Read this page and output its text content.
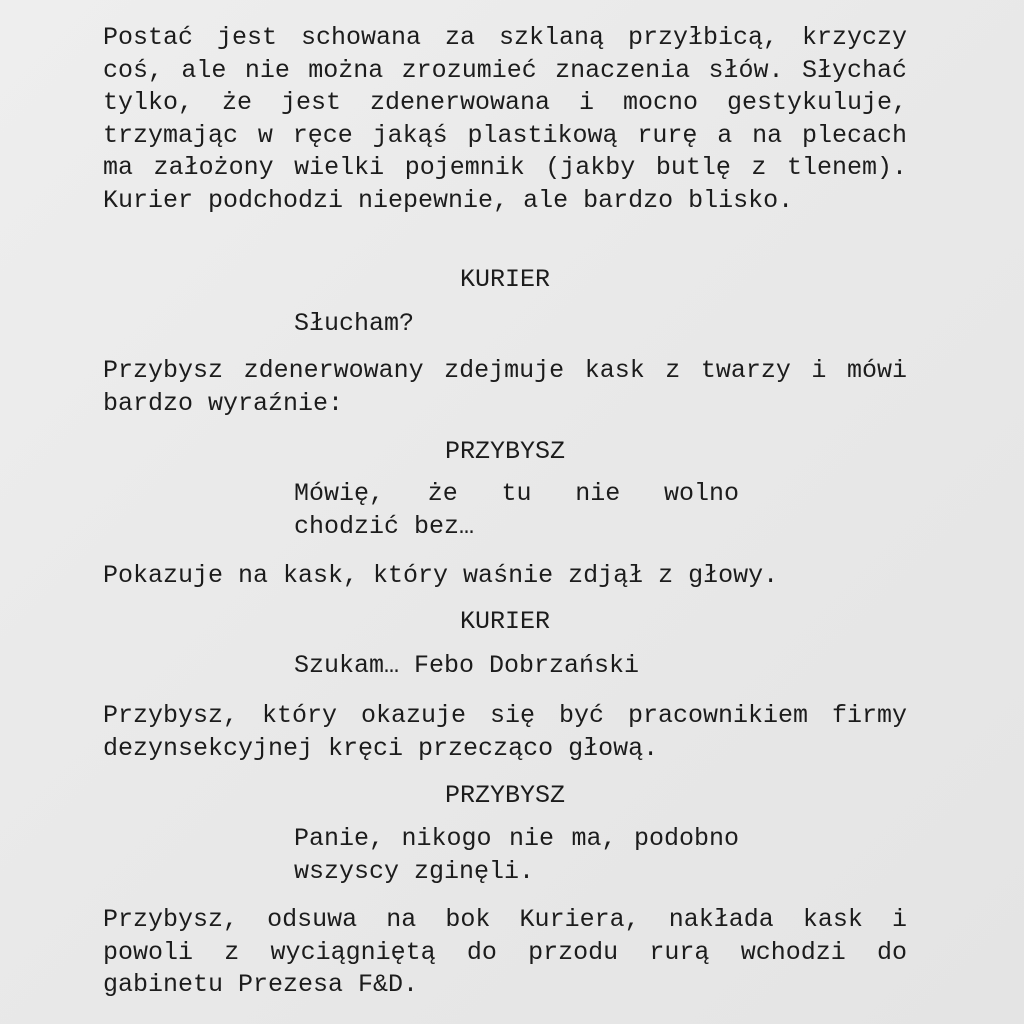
Postać jest schowana za szklaną przyłbicą, krzyczy coś, ale nie można zrozumieć znaczenia słów. Słychać tylko, że jest zdenerwowana i mocno gestykuluje, trzymając w ręce jakąś plastikową rurę a na plecach ma założony wielki pojemnik (jakby butlę z tlenem). Kurier podchodzi niepewnie, ale bardzo blisko.

KURIER

Słucham?

Przybysz zdenerwowany zdejmuje kask z twarzy i mówi bardzo wyraźnie:

PRZYBYSZ

Mówię, że tu nie wolno chodzić bez…

Pokazuje na kask, który waśnie zdjął z głowy.

KURIER

Szukam… Febo Dobrzański

Przybysz, który okazuje się być pracownikiem firmy dezynsekcyjnej kręci przecząco głową.

PRZYBYSZ

Panie, nikogo nie ma, podobno wszyscy zginęli.

Przybysz, odsuwa na bok Kuriera, nakłada kask i powoli z wyciągniętą do przodu rurą wchodzi do gabinetu Prezesa F&D.
